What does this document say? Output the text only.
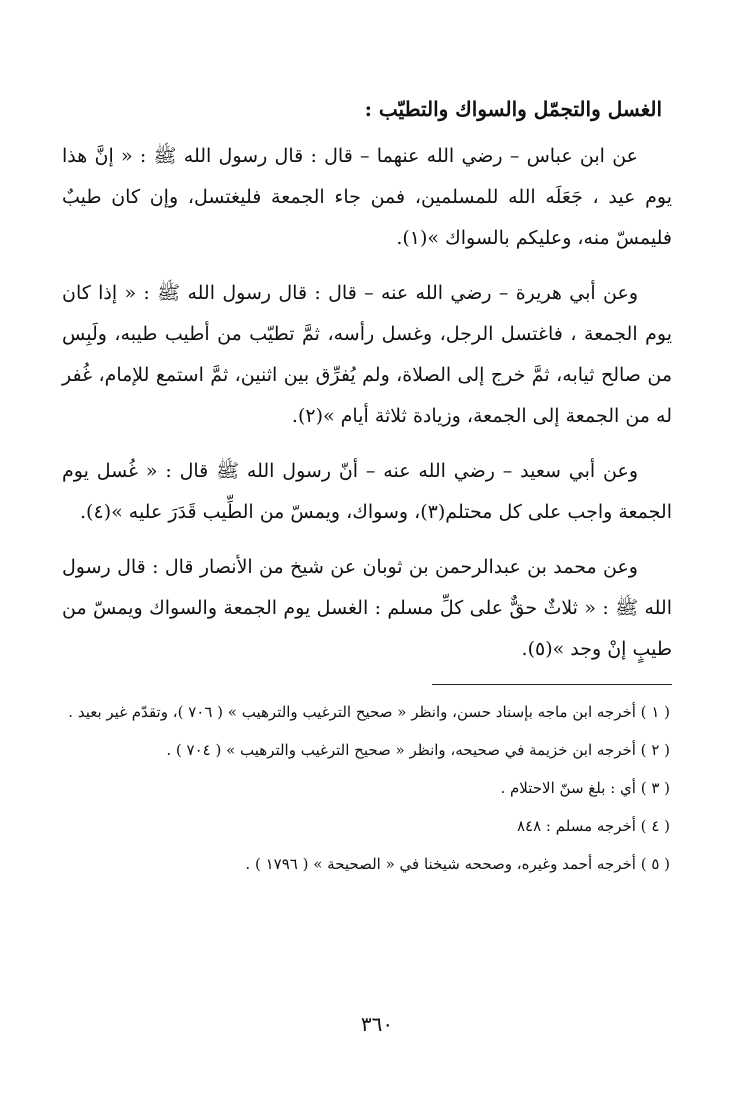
الغسل والتجمّل والسواك والتطيّب :

عن ابن عباس – رضي الله عنهما – قال : قال رسول الله ﷺ : « إنَّ هذا يوم عيد ، جَعَلَه الله للمسلمين، فمن جاء الجمعة فليغتسل، وإن كان طيبٌ فليمسّ منه، وعليكم بالسواك »(١).

وعن أبي هريرة – رضي الله عنه – قال : قال رسول الله ﷺ : « إذا كان يوم الجمعة ، فاغتسل الرجل، وغسل رأسه، ثمَّ تطيّب من أطيب طيبه، ولَبِس من صالح ثيابه، ثمَّ خرج إلى الصلاة، ولم يُفرِّق بين اثنين، ثمَّ استمع للإمام، غُفر له من الجمعة إلى الجمعة، وزيادة ثلاثة أيام »(٢).

وعن أبي سعيد – رضي الله عنه – أنّ رسول الله ﷺ قال : « غُسل يوم الجمعة واجب على كل محتلم(٣)، وسواك، ويمسّ من الطِّيب قَدَرَ عليه »(٤).

وعن محمد بن عبدالرحمن بن ثوبان عن شيخ من الأنصار قال : قال رسول الله ﷺ : « ثلاثٌ حقٌّ على كلِّ مسلم : الغسل يوم الجمعة والسواك ويمسّ من طيبٍ إنْ وجد »(٥).

( ١ ) أخرجه ابن ماجه بإسناد حسن، وانظر « صحيح الترغيب والترهيب » ( ٧٠٦ )، وتقدّم غير بعيد .

( ٢ ) أخرجه ابن خزيمة في صحيحه، وانظر « صحيح الترغيب والترهيب » ( ٧٠٤ ) .

( ٣ ) أي : بلغ سنّ الاحتلام .

( ٤ ) أخرجه مسلم : ٨٤٨

( ٥ ) أخرجه أحمد وغيره، وصححه شيخنا في « الصحيحة » ( ١٧٩٦ ) .

٣٦٠
